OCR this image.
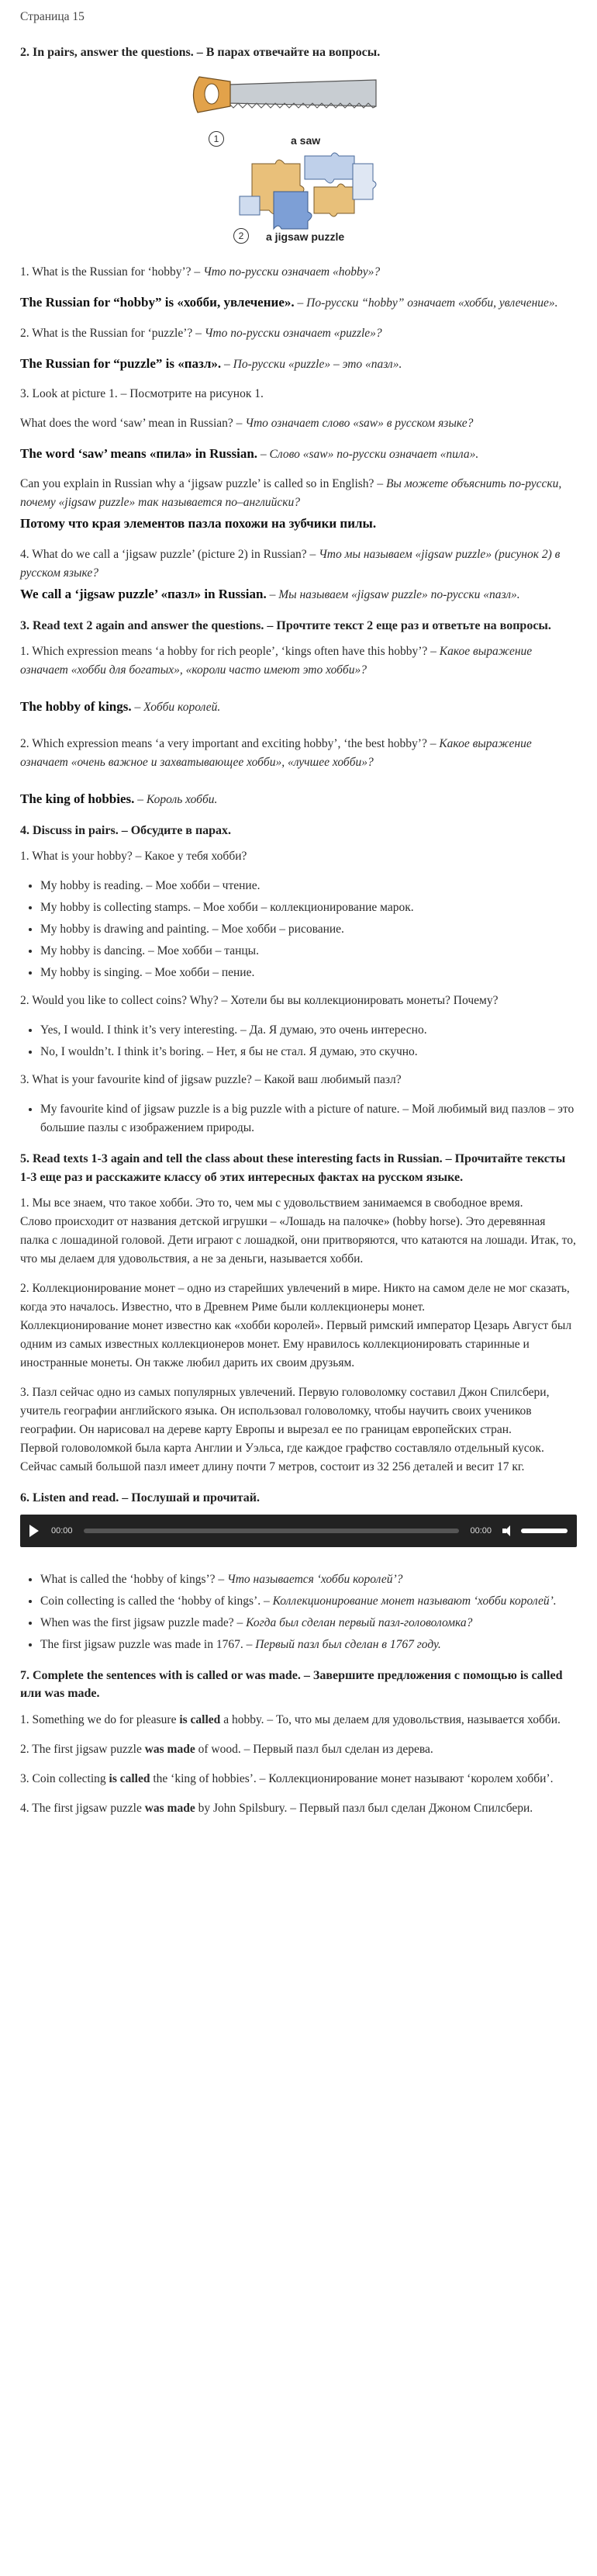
Страница 15
2. In pairs, answer the questions. – В парах отвечайте на вопросы.
1	a saw
2	a jigsaw puzzle

1. What is the Russian for ‘hobby’? – Что по-русски означает «hobby»?

The Russian for “hobby” is «хобби, увлечение». – По-русски “hobby” означает «хобби, увлечение».

2. What is the Russian for ‘puzzle’? – Что по-русски означает «puzzle»?

The Russian for “puzzle” is «пазл». – По-русски «puzzle» – это «пазл».

3. Look at picture 1. – Посмотрите на рисунок 1.

What does the word ‘saw’ mean in Russian? – Что означает слово «saw» в русском языке?

The word ‘saw’ means «пила» in Russian. – Слово «saw» по-русски означает «пила».

Can you explain in Russian why a ‘jigsaw puzzle’ is called so in English? – Вы можете объяснить по-русски, почему «jigsaw puzzle» так называется по–английски?

Потому что края элементов пазла похожи на зубчики пилы.

4. What do we call a ‘jigsaw puzzle’ (picture 2) in Russian? – Что мы называем «jigsaw puzzle» (рисунок 2) в русском языке?

We call a ‘jigsaw puzzle’ «пазл» in Russian. – Мы называем «jigsaw puzzle» по-русски «пазл».

3. Read text 2 again and answer the questions. – Прочтите текст 2 еще раз и ответьте на вопросы.

1. Which expression means ‘a hobby for rich people’, ‘kings often have this hobby’? – Какое выражение означает «хобби для богатых», «короли часто имеют это хобби»?

The hobby of kings. – Хобби королей.

2. Which expression means ‘a very important and exciting hobby’, ‘the best hobby’? – Какое выражение означает «очень важное и захватывающее хобби», «лучшее хобби»?

The king of hobbies. – Король хобби.

4. Discuss in pairs. – Обсудите в парах.

1. What is your hobby? – Какое у тебя хобби?

• My hobby is reading. – Мое хобби – чтение.
• My hobby is collecting stamps. – Мое хобби – коллекционирование марок.
• My hobby is drawing and painting. – Мое хобби – рисование.
• My hobby is dancing. – Мое хобби – танцы.
• My hobby is singing. – Мое хобби – пение.

2. Would you like to collect coins? Why? – Хотели бы вы коллекционировать монеты? Почему?

• Yes, I would. I think it’s very interesting. – Да. Я думаю, это очень интересно.
• No, I wouldn’t. I think it’s boring. – Нет, я бы не стал. Я думаю, это скучно.

3. What is your favourite kind of jigsaw puzzle? – Какой ваш любимый пазл?

• My favourite kind of jigsaw puzzle is a big puzzle with a picture of nature. – Мой любимый вид пазлов – это большие пазлы с изображением природы.
5. Read texts 1-3 again and tell the class about these interesting facts in Russian. – Прочитайте тексты 1-3 еще раз и расскажите классу об этих интересных фактах на русском языке.

1. Мы все знаем, что такое хобби. Это то, чем мы с удовольствием занимаемся в свободное время.

Слово происходит от названия детской игрушки – «Лошадь на палочке» (hobby horse). Это деревянная палка с лошадиной головой. Дети играют с лошадкой, они притворяются, что катаются на лошади. Итак, то, что мы делаем для удовольствия, а не за деньги, называется хобби.

2. Коллекционирование монет – одно из старейших увлечений в мире. Никто на самом деле не мог сказать, когда это началось. Известно, что в Древнем Риме были коллекционеры монет.

Коллекционирование монет известно как «хобби королей». Первый римский император Цезарь Август был одним из самых известных коллекционеров монет. Ему нравилось коллекционировать старинные и иностранные монеты. Он также любил дарить их своим друзьям.

3. Пазл сейчас одно из самых популярных увлечений. Первую головоломку составил Джон Спилсбери, учитель географии английского языка. Он использовал головоломку, чтобы научить своих учеников географии. Он нарисовал на дереве карту Европы и вырезал ее по границам европейских стран.

Первой головоломкой была карта Англии и Уэльса, где каждое графство составляло отдельный кусок. Сейчас самый большой пазл имеет длину почти 7 метров, состоит из 32 256 деталей и весит 17 кг.

6. Listen and read. – Послушай и прочитай.
00:00	00:00
• What is called the ‘hobby of kings’? – Что называется ‘хобби королей’?
• Coin collecting is called the ‘hobby of kings’. – Коллекционирование монет называют ‘хобби королей’.
• When was the first jigsaw puzzle made? – Когда был сделан первый пазл-головоломка?
• The first jigsaw puzzle was made in 1767. – Первый пазл был сделан в 1767 году.
7. Complete the sentences with is called or was made. – Завершите предложения с помощью is called или was made.

1. Something we do for pleasure is called a hobby. – То, что мы делаем для удовольствия, называется хобби.

2. The first jigsaw puzzle was made of wood. – Первый пазл был сделан из дерева.

3. Coin collecting is called the ‘king of hobbies’. – Коллекционирование монет называют ‘королем хобби’.

4. The first jigsaw puzzle was made by John Spilsbury. – Первый пазл был сделан Джоном Спилсбери.
